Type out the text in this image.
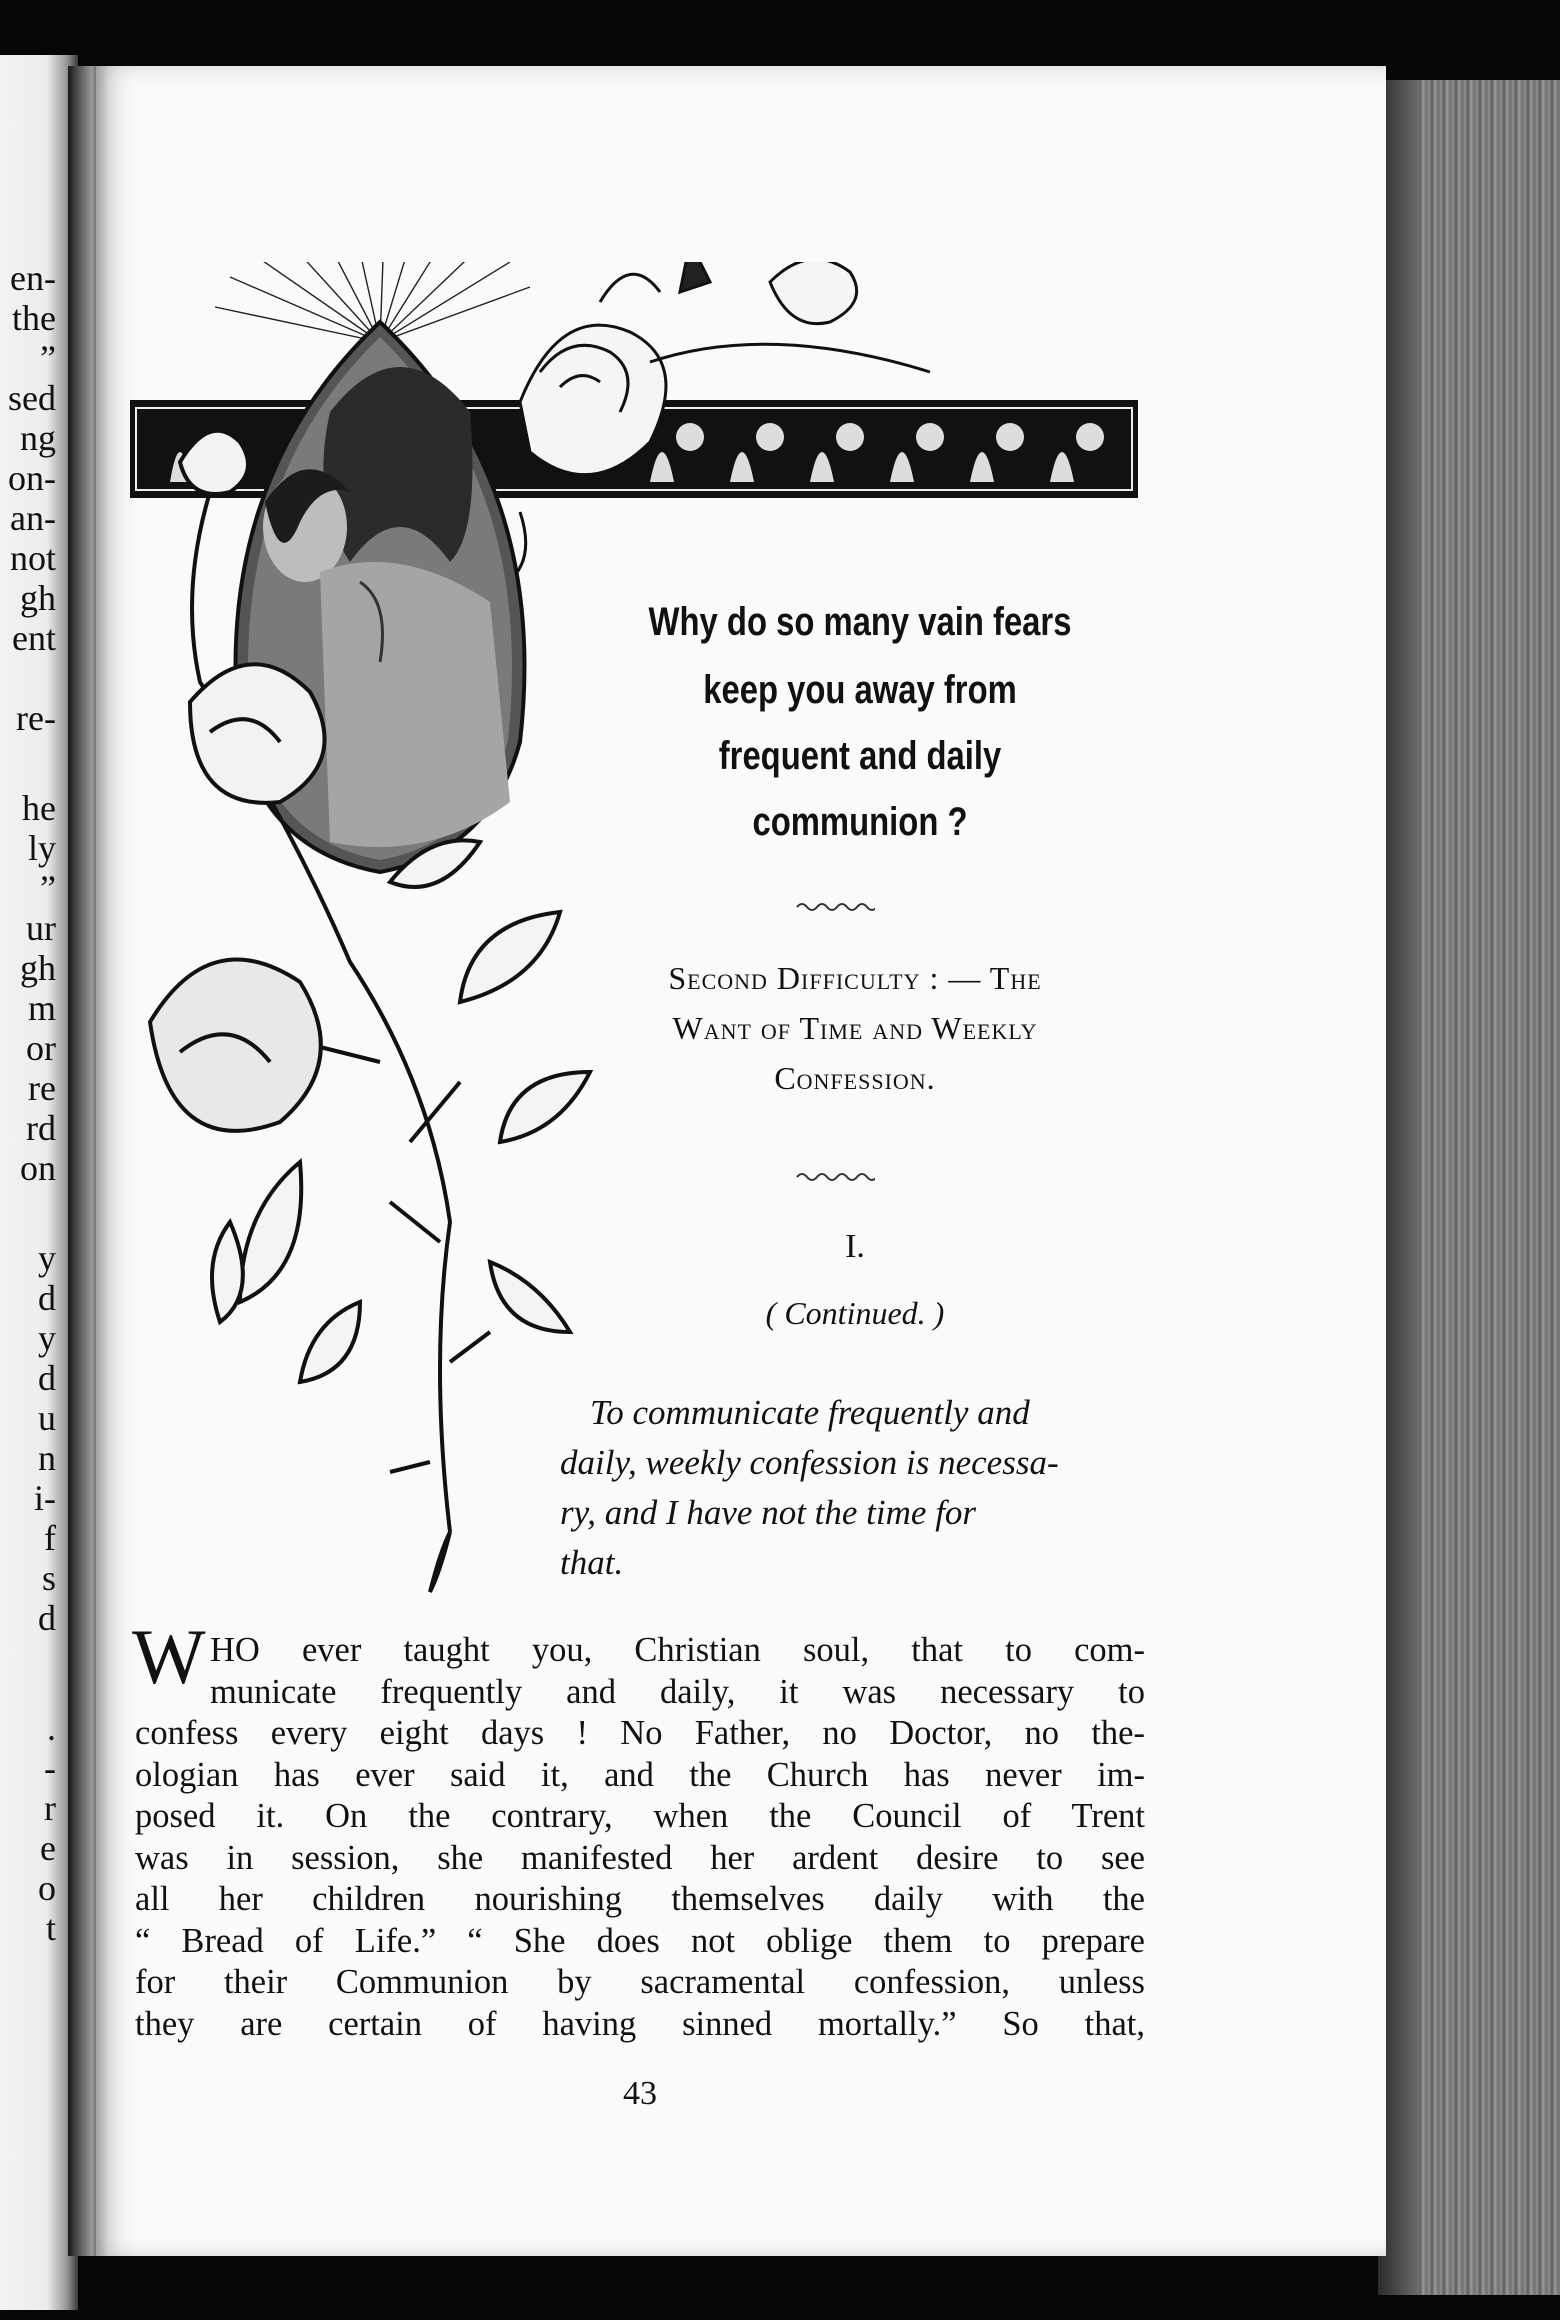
en-
the
”
sed
ng
on-
an-
not
gh
ent
re-
he
ly
”
ur
gh
m
or
re
rd
on
y
d
y
d
u
n
i-
f
s
d
.
-
r
e
o
t
Why do so many vain fears
keep you away from
frequent and daily
communion ?
Second Difficulty : — The
Want of Time and Weekly
Confession.
I.
( Continued. )
To communicate frequently and
daily, weekly confession is necessa-
ry, and I have not the time for
that.
W HO ever taught you, Christian soul, that to com-
municate frequently and daily, it was necessary to
confess every eight days ! No Father, no Doctor, no the-
ologian has ever said it, and the Church has never im-
posed it. On the contrary, when the Council of Trent
was in session, she manifested her ardent desire to see
all her children nourishing themselves daily with the
“ Bread of Life.” “ She does not oblige them to prepare
for their Communion by sacramental confession, unless
they are certain of having sinned mortally.” So that,
43
